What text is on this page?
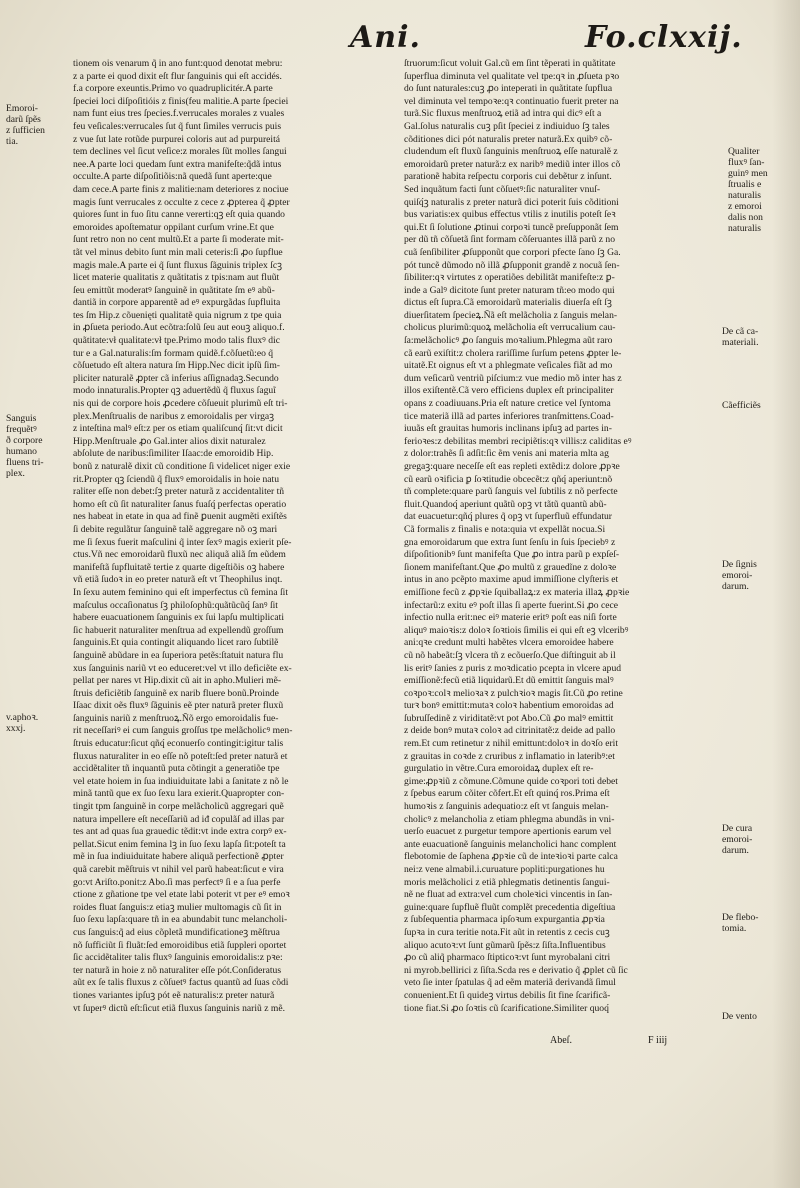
Ani.	Fo.clxxij.

tionem ois venarum q̃ in ano funt:quod denotat mebru:

z a parte ei quod dixit eſt flur ſanguinis qui eſt accidés.

f.a corpore exeuntis.Primo vo quadruplicitér.A parte

ſpeciei loci diſpoſitióis z finis(feu malitie.A parte ſpeciei

nam funt eius tres ſpecies.f.verrucales morales z vuales

feu veſicales:verrucales ſut q̃ funt ſimiles verrucis puis

z vue ſut late rotũde purpurei coloris aut ad purpureitá

tem declines vel ſicut veſice:z morales ſũt molles ſangui

nee.A parte loci quedam ſunt extra manifeſte:q̃dã intus

occulte.A parte diſpoſitiõis:nã quedã ſunt aperte:que

dam cece.A parte finis z malitie:nam deteriores z nociue

magis ſunt verrucales z occulte z cece z ꝓpterea q̃ ꝓpter

quiores ſunt in fuo ſitu canne vererti:qꝫ eſt quia quando

emoroides apoſtematur oppilant curſum vrine.Et que

ſunt retro non no cent multũ.Et a parte ſi moderate mit-

tãt vel minus debito ſunt min mali ceteris:ſi ꝓo ſupflue

magis male.A parte ei q̃ ſunt fluxus ſãguinis triplex ſcꝫ

licet materie qualitatis z quãtitatis z tpis:nam aut fluũt

ſeu emittũt moderatꝰ ſanguinẽ in quãtitate ſm eꝰ abũ-

dantiã in corpore apparentẽ ad eꝰ expurgãdas ſupfluita

tes ſm Hip.z cõuenięti qualitatẽ quia nigrum z tpe quia

in ꝓſueta periodo.Aut ecõtra:ſolũ ſeu aut eouꝫ aliquo.f.

quãtitate:vł qualitate:vł tpe.Primo modo talis fluxꝰ dic

tur e a Gal.naturalis:ſm formam quidẽ.f.cõſuetũ:eo q̃

cõſuetudo eſt altera natura ſm Hipp.Nec dicit ipſũ ſim-

pliciter naturalẽ ꝓpter cã inferius aſſignadaꝫ.Secundo

modo innaturalis.Propter qꝫ aduertẽdũ q̃ fluxus ſaguĩ

nis qui de corpore hois ꝓcedere cõſueuit plurimũ eſt tri-

plex.Menſtrualis de naribus z emoroidalis per virgaꝫ

z inteſtina malꝰ eſt:z per os etiam qualiſcunq́ ſit:vt dicit

Hipp.Menſtruale ꝓo Gal.inter alios dixit naturalez

abſolute de naribus:ſimiliter Iſaac:de emoroidib Hip.

bonũ z naturalẽ dixit cũ conditione ſi videlicet niger exie

rit.Propter qꝫ ſciendũ q̃ fluxꝰ emoroidalis in hoie natu

raliter eſſe non debet:ſꝫ preter naturã z accidentaliter tñ

homo eſt cũ ſit naturaliter ſanus fuaſq́ perfectas operatio

nes habeat in etate in qua ad finẽ ꝑuenit augmẽti exiſtẽs

ſi debite regulãtur ſanguinẽ talẽ aggregare nõ oꝫ mari

me ſi ſexus fuerit maſculini q̃ inter ſexꝰ magis exierit pſe-

ctus.Vñ nec emoroidarũ fluxũ nec aliquã aliã ſm eũdem

manifeſtã ſupfluitatẽ tertie z quarte digeſtiõis oꝫ habere

vñ etiã ſudoꝛ in eo preter naturã eſt vt Theophilus inqt.

In ſexu autem feminino qui eſt imperfectus cũ femina ſit

maſculus occaſionatus ſꝫ philoſophũ:quãtũcũq́ ſanꝰ ſit

habere euacuationem ſanguinis ex ſui lapſu multiplicati

ſic habuerit naturaliter menſtrua ad expellendũ groſſum

ſanguinis.Et quia contingit aliquando licet raro ſubtilẽ

ſanguinẽ abũdare in ea ſuperiora petẽs:ſtatuit natura flu

xus ſanguinis nariũ vt eo educeret:vel vt illo deficiẽte ex-

pellat per nares vt Hip.dixit cũ ait in apho.Mulieri mẽ-

ſtruis deficiẽtib ſanguinẽ ex narib fluere bonũ.Proinde

Iſaac dixit oẽs fluxꝰ ſãguinis eẽ pter naturã preter fluxũ

ſanguinis nariũ z menſtruoꝝ.Ñõ ergo emoroidalis fue-

rit neceſſariꝰ ei cum ſanguis groſſus tpe melãcholicꝰ men-

ſtruis educatur:ſicut qñq́ econuerſo contingit:igitur talis

fluxus naturaliter in eo eſſe nõ poteſt:ſed preter naturã et

accidẽtaliter tñ inquantũ puta cõtingit a generatiõe tpe

vel etate hoiem in ſua indiuiduitate labi a ſanitate z nõ le

minã tantũ que ex ſuo ſexu lara exierit.Quapropter con-

tingit tpm ſanguinẽ in corpe melãcholicũ aggregari quẽ

natura impellere eſt neceſſariũ ad iđ copulãſ ad illas par

tes ant ad quas ſua grauedic tẽdit:vt inde extra corpꝰ ex-

pellat.Sicut enim femina lꝫ in ſuo ſexu lapſa ſit:poteſt ta

mẽ in ſua indiuiduitate habere aliquã perfectionẽ ꝓpter

quã carebit mẽſtruis vt nihil vel parũ habeat:ſicut e vira

go:vt Ariſto.ponit:z Abo.ſi mas perfectꝰ ſi e a ſua perfe

ctione z gñatione tpe vel etate labi poterit vt per eꝰ emoꝛ

roides fluat ſanguis:z etiaꝫ mulier multomagis cũ ſit in

ſuo ſexu lapſa:quare tñ in ea abundabit tunc melancholi-

cus ſanguis:q̃ ad eius cõpletã mundificationeꝫ mẽſtrua

nõ ſufficiũt ſi fluãt:ſed emoroidibus etiã ſuppleri oportet

ſic accidẽtaliter talis fluxꝰ ſanguinis emoroidalis:z pꝛe:

ter naturã in hoie z nõ naturaliter eſſe pót.Conſideratus

aũt ex ſe talis fluxus z cõſuetꝰ factus quantũ ad ſuas cõdi

tiones variantes ipſuꝫ pót eẽ naturalis:z preter naturã

vt ſuperꝰ dictũ eſt:ſicut etiã fluxus ſanguinis nariũ z mẽ.

ſtruorum:ſicut voluit Gal.cũ em ſint tẽperati in quãtitate

ſuperflua diminuta vel qualitate vel tpe:qꝛ in ꝓſueta pꝛo

do ſunt naturales:cuꝫ ꝓo inteperati in quãtitate ſupflua

vel diminuta vel tempoꝛe:qꝛ continuatio fuerit preter na

turã.Sic fluxus menſtruoꝝ etiã ad intra qui dicꝰ eſt a

Gal.ſolus naturalis cuꝫ pſit ſpeciei z indiuiduo ſꝫ tales

cõditiones dici pót naturalis preter naturã.Ex quibꝰ cõ-

cludendum eſt fluxũ ſanguinis menſtruoꝝ eſſe naturalẽ z

emoroidarũ preter naturã:z ex naribꝰ mediũ inter illos cõ

parationẽ habita reſpectu corporis cui debẽtur z inſunt.

Sed inquãtum facti ſunt cõſuetꝰ:ſic naturaliter vnuſ-

quiſq́ꝫ naturalis z preter naturã dici poterit ſuis cõditioni

bus variatis:ex quibus effectus vtilis z inutilis poteſt ſeꝛ

qui.Et ſi ſolutione ꝓtinui corpoꝛi tuncẽ preſupponãt ſem

per dũ tñ cõſuetã ſint formam cõſeruantes illã parũ z no

cuã ſenſibiliter ꝓſupponũt que corpori pfecte ſano ſꝫ Ga.

pót tuncẽ dũmodo nõ illã ꝓſupponit grandẽ z nocuã ſen-

ſibiliter:qꝛ virtutes z operatiões debilitãt manifeſte:z ꝑ-

inde a Galꝰ dicitote ſunt preter naturam tñ:eo modo qui

dictus eſt ſupra.Cã emoroidarũ materialis diuerſa eſt ſꝫ

diuerſitatem ſpecieꝝ.Ñã eſt melãcholia z ſanguis melan-

cholicus plurimũ:quoꝝ melãcholia eſt verrucalium cau-

ſa:melãcholicꝰ ꝓo ſanguis moꝛalium.Phlegma aũt raro

cã earũ exiſtit:z cholera rariſſime ſurſum petens ꝓpter le-

uitatẽ.Et oignus eſt vt a phlegmate veſicales fiãt ad mo

dum veſicarũ ventriũ piſcium:z vue medio mõ inter has z

illos exiſtentẽ.Cã vero efficiens duplex eſt principaliter

opans z coadiuuans.Pria eſt nature cretice vel ſyntoma

tice materiã illã ad partes inferiores tranſmittens.Coad-

iuuãs eſt grauitas humoris inclinans ipſuꝫ ad partes in-

ferioꝛes:z debilitas membri recipiẽtis:qꝛ villis:z caliditas eꝰ

z dolor:trahẽs ſi adſit:ſic ẽm venis ani materia mlta ag

gregaꝫ:quare neceſſe eſt eas repleti extẽdi:z dolore ꝓpꝛe

cũ earũ oꝛificia ꝑ ſoꝛtitudie obcecẽt:z qñq́ aperiunt:nõ

tñ complete:quare parũ ſanguis vel ſubtilis z nõ perfecte

fluit.Quandoq́ aperiunt quãtũ opꝫ vt tãtũ quantũ abũ-

dat euacuetur:qñq́ plures q̃ opꝫ vt ſuperfluũ effundatur

Cã formalis z finalis e nota:quia vt expellãt nocua.Si

gna emoroidarum que extra ſunt ſenſu in ſuis ſpeciebꝰ z

diſpoſitionibꝰ ſunt manifeſta Que ꝓo intra parũ p expſeſ-

ſionem manifeſtant.Que ꝓo multũ z grauedĩne z doloꝛe

intus in ano pcẽpto maxime apud immiſſione clyſteris et

emiſſione fecũ z ꝓpꝛie ſquiballaꝝ:z ex materia illaꝝ ꝓpꝛie

infectarũ:z exitu eꝰ poſt illas ſi aperte fuerint.Si ꝓo cece

infectio nulla erit:nec eiꝰ materie eritꝰ poſt eas niſi forte

aliquꝰ maioꝛis:z doloꝛ ſoꝛtiois ſimilis ei qui eſt eꝫ vlceribꝰ

ani:qꝛe credunt multi habẽtes vlcera emoroidee habere

cũ nõ habeãt:ſꝫ vlcera tñ z ecõuerſo.Que diſtinguit ab il

lis eritꝰ ſanies z puris z moꝛdicatio pcepta in vlcere apud

emiſſionẽ:fecũ etiã liquidarũ.Et dũ emittit ſanguis malꝰ

coꝛpoꝛ:colꝛ melioꝛaꝛ z pulchꝛioꝛ magis ſit.Cũ ꝓo retine

turꝛ bonꝰ emittit:mutaꝛ coloꝛ habentium emoroidas ad

ſubruſſedinẽ z viriditatẽ:vt pot Abo.Cũ ꝓo malꝰ emittit

z deide bonꝰ mutaꝛ coloꝛ ad citrinitatẽ:z deide ad pallo

rem.Et cum retinetur z nihil emittunt:doloꝛ in doꝛſo erit

z grauitas in coꝛde z cruribus z inflamatio in lateribꝰ:et

gurgulatio in vẽtre.Cura emoroidaꝝ duplex eſt re-

gime:ꝓpꝛiũ z cõmune.Cõmune quide coꝛpori toti debet

z ſpebus earum cõiter cõfert.Et eſt quinq́ ros.Prima eſt

humoꝛis z ſanguinis adequatio:z eſt vt ſanguis melan-

cholicꝰ z melancholia z etiam phlegma abundãs in vni-

uerſo euacuet z purgetur tempore apertionis earum vel

ante euacuationẽ ſanguinis melancholici hanc complent

flebotomie de ſaphena ꝓpꝛie cũ de inteꝛioꝛi parte calca

nei:z vene almabil.i.curuature popliti:purgationes hu

moris melãcholici z etiã phlegmatis detinentis ſangui-

nẽ ne fluat ad extra:vel cum choleꝛici vincentis in ſan-

guine:quare ſupfluẽ fluũt complẽt precedentia digeſtiua

z ſubſequentia pharmaca ipſoꝛum expurgantia ꝓpꝛia

ſupꝛa in cura teritie nota.Fit aũt in retentis z cecis cuꝫ

aliquo acutoꝛ:vt ſunt gũmarũ ſpẽs:z ſiſta.Influentibus

ꝓo cũ aliq̃ pharmaco ſtipticoꝛ:vt ſunt myrobalani citri

ni myrob.bellirici z ſiſta.Scda res e derivatio q̃ ꝓplet cũ ſic

veto ſie inter ſpatulas q̃ ad eẽm materiã derivandã ſimul

conuenient.Et ſi quideꝫ virtus debilis ſit fine ſcarificã-

tione fiat.Si ꝓo ſoꝛtis cũ ſcarificatione.Similiter quoq́

Emoroi-
darũ ſpẽs
z ſufficien
tia.
Sanguis
frequẽtꝰ
ð corpore
humano
fluens tri-
plex.
v.aphoꝛ.
xxxj.
Qualiter
fluxꝰ ſan-
guinꝰ men
ſtrualis e
naturalis
z emoroi
dalis non
naturalis
De cã ca-
materiali.
Cãefficiẽs
De ſignis
emoroi-
darum.
De cura
emoroi-
darum.
De flebo-
tomia.
De vento
Abeſ.	F iiij
